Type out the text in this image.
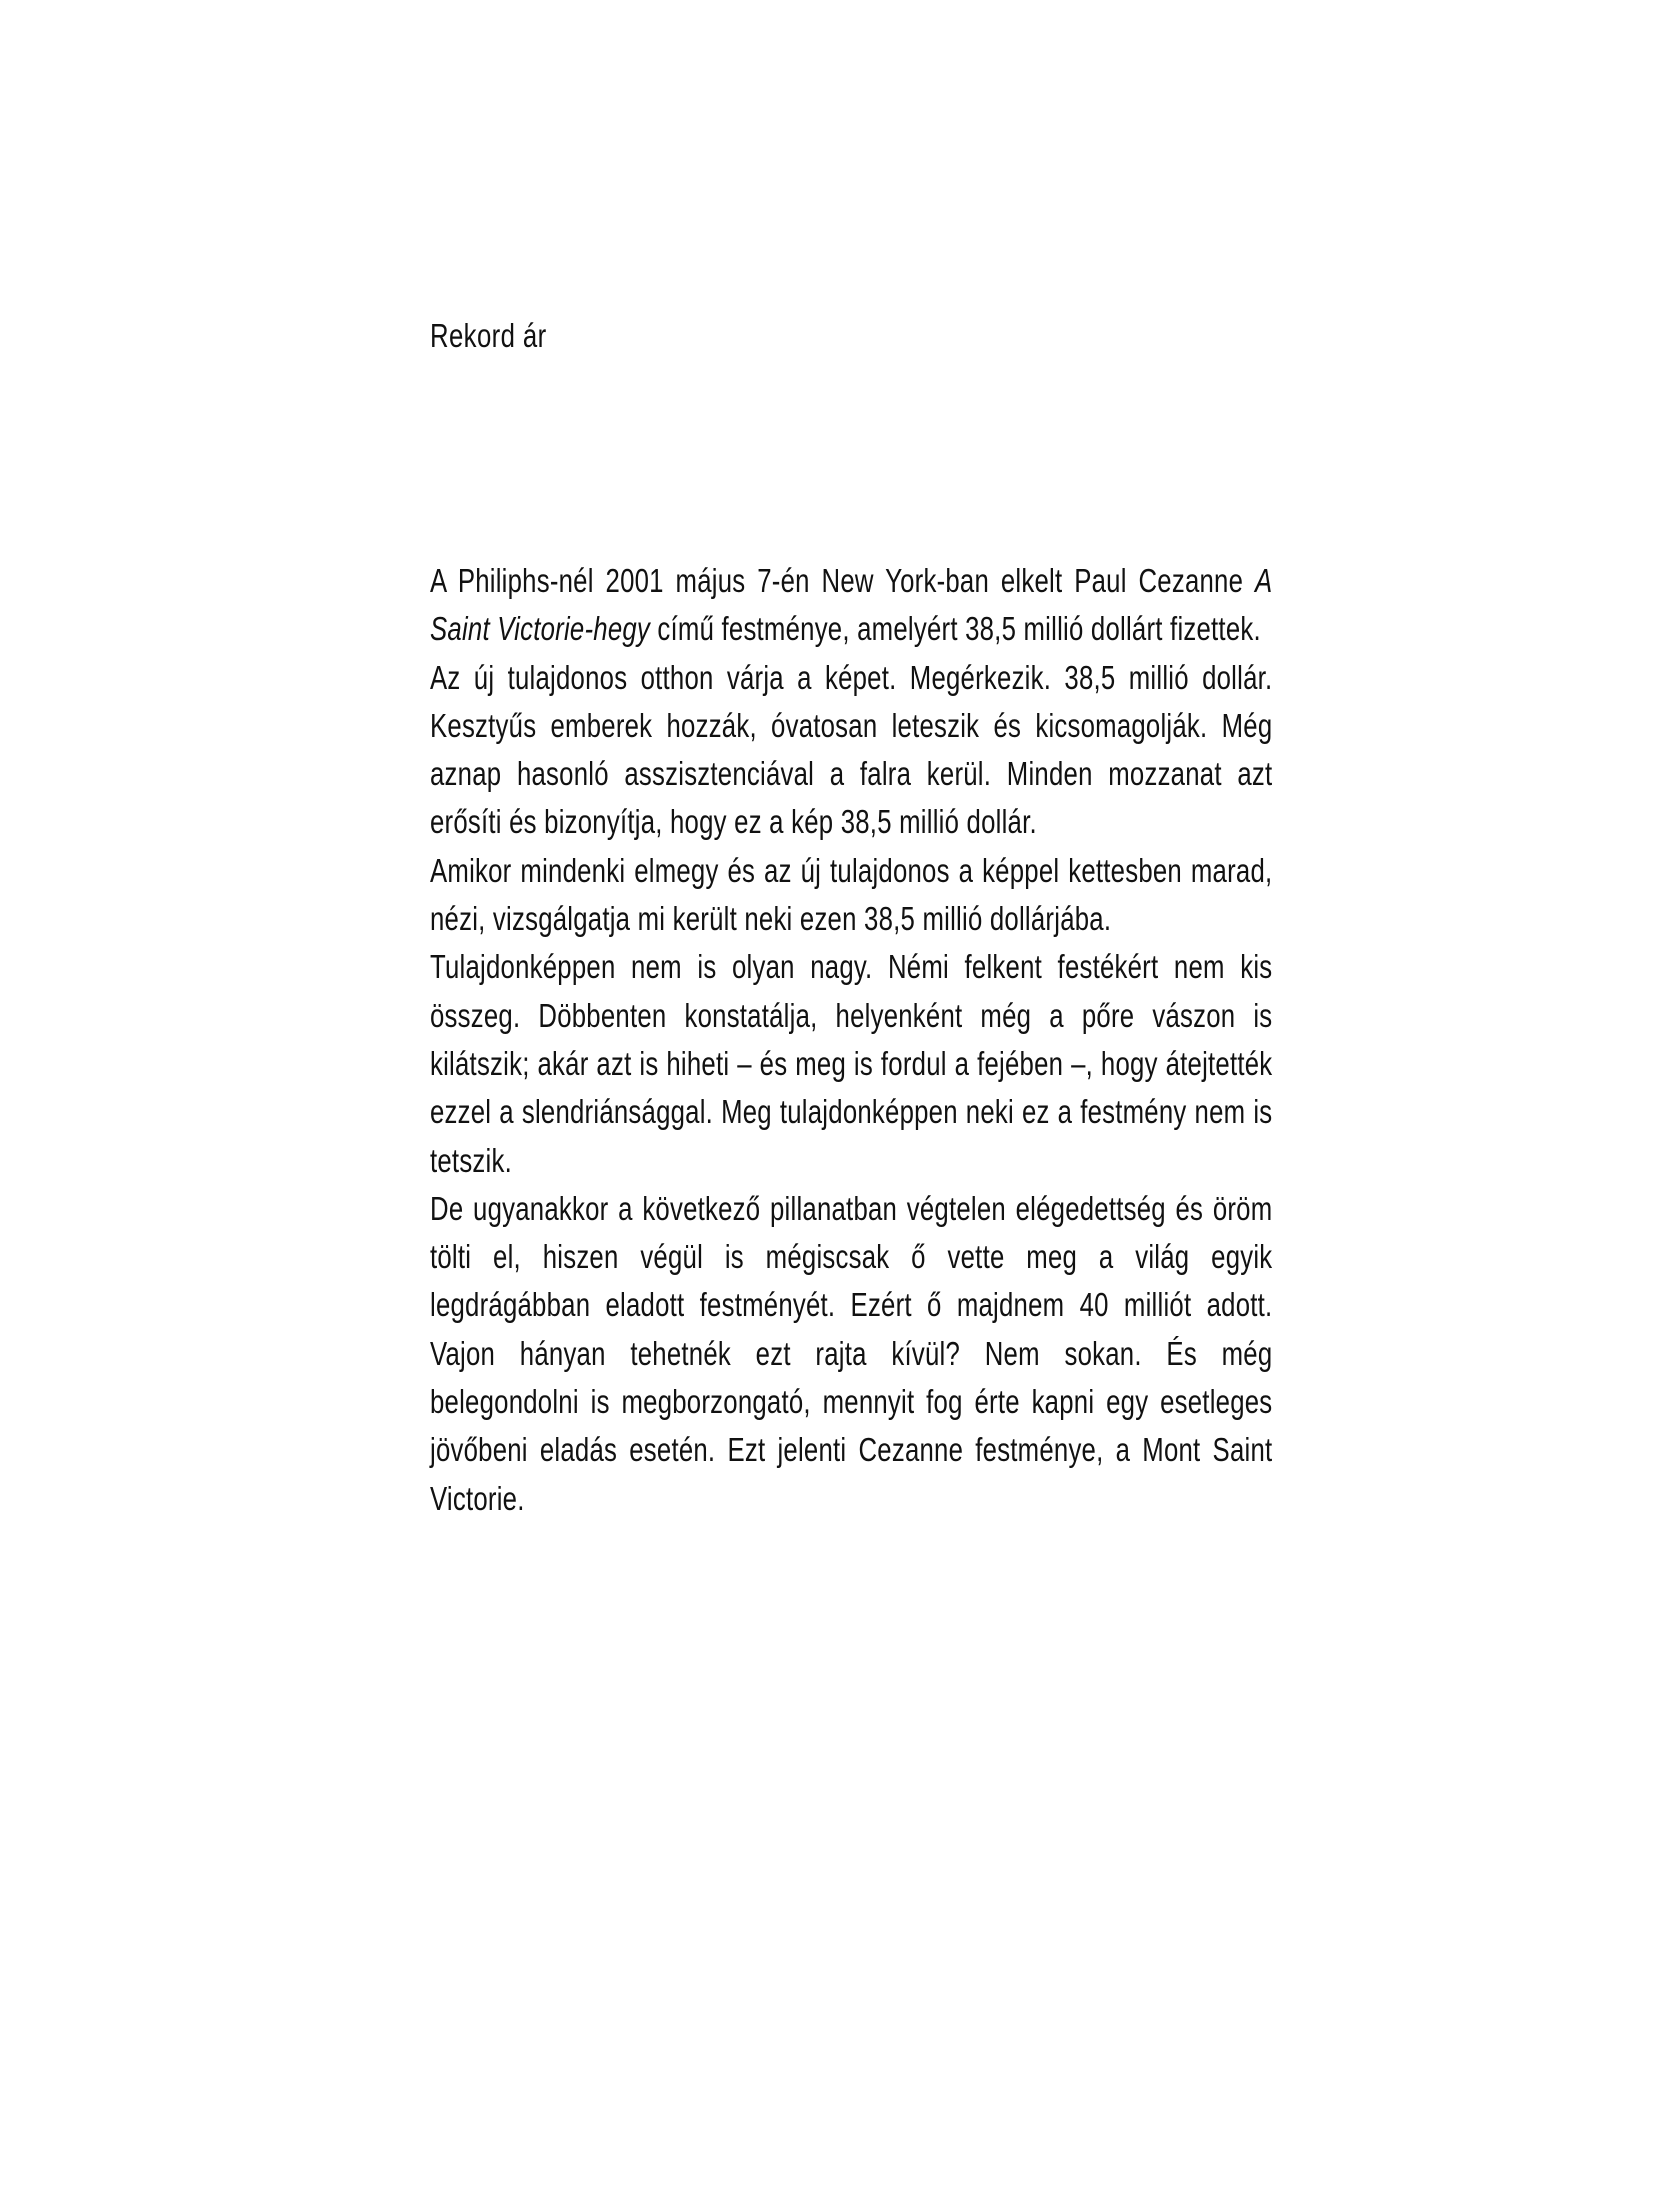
Rekord ár

A Philiphs-nél 2001 május 7-én New York-ban elkelt Paul Cezanne A Saint Victorie-hegy című festménye, amelyért 38,5 millió dollárt fizettek.

Az új tulajdonos otthon várja a képet. Megérkezik. 38,5 millió dollár. Kesztyűs emberek hozzák, óvatosan leteszik és kicsomagolják. Még aznap hasonló asszisztenciával a falra kerül. Minden mozzanat azt erősíti és bizonyítja, hogy ez a kép 38,5 millió dollár.

Amikor mindenki elmegy és az új tulajdonos a képpel kettesben marad, nézi, vizsgálgatja mi került neki ezen 38,5 millió dollárjába.

Tulajdonképpen nem is olyan nagy. Némi felkent festékért nem kis összeg. Döbbenten konstatálja, helyenként még a pőre vászon is kilátszik; akár azt is hiheti – és meg is fordul a fejében –, hogy átejtették ezzel a slendriánsággal. Meg tulajdonképpen neki ez a festmény nem is tetszik.

De ugyanakkor a következő pillanatban végtelen elégedettség és öröm tölti el, hiszen végül is mégiscsak ő vette meg a világ egyik legdrágábban eladott festményét. Ezért ő majdnem 40 milliót adott. Vajon hányan tehetnék ezt rajta kívül? Nem sokan. És még belegondolni is megborzongató, mennyit fog érte kapni egy esetleges jövőbeni eladás esetén. Ezt jelenti Cezanne festménye, a Mont Saint Victorie.
